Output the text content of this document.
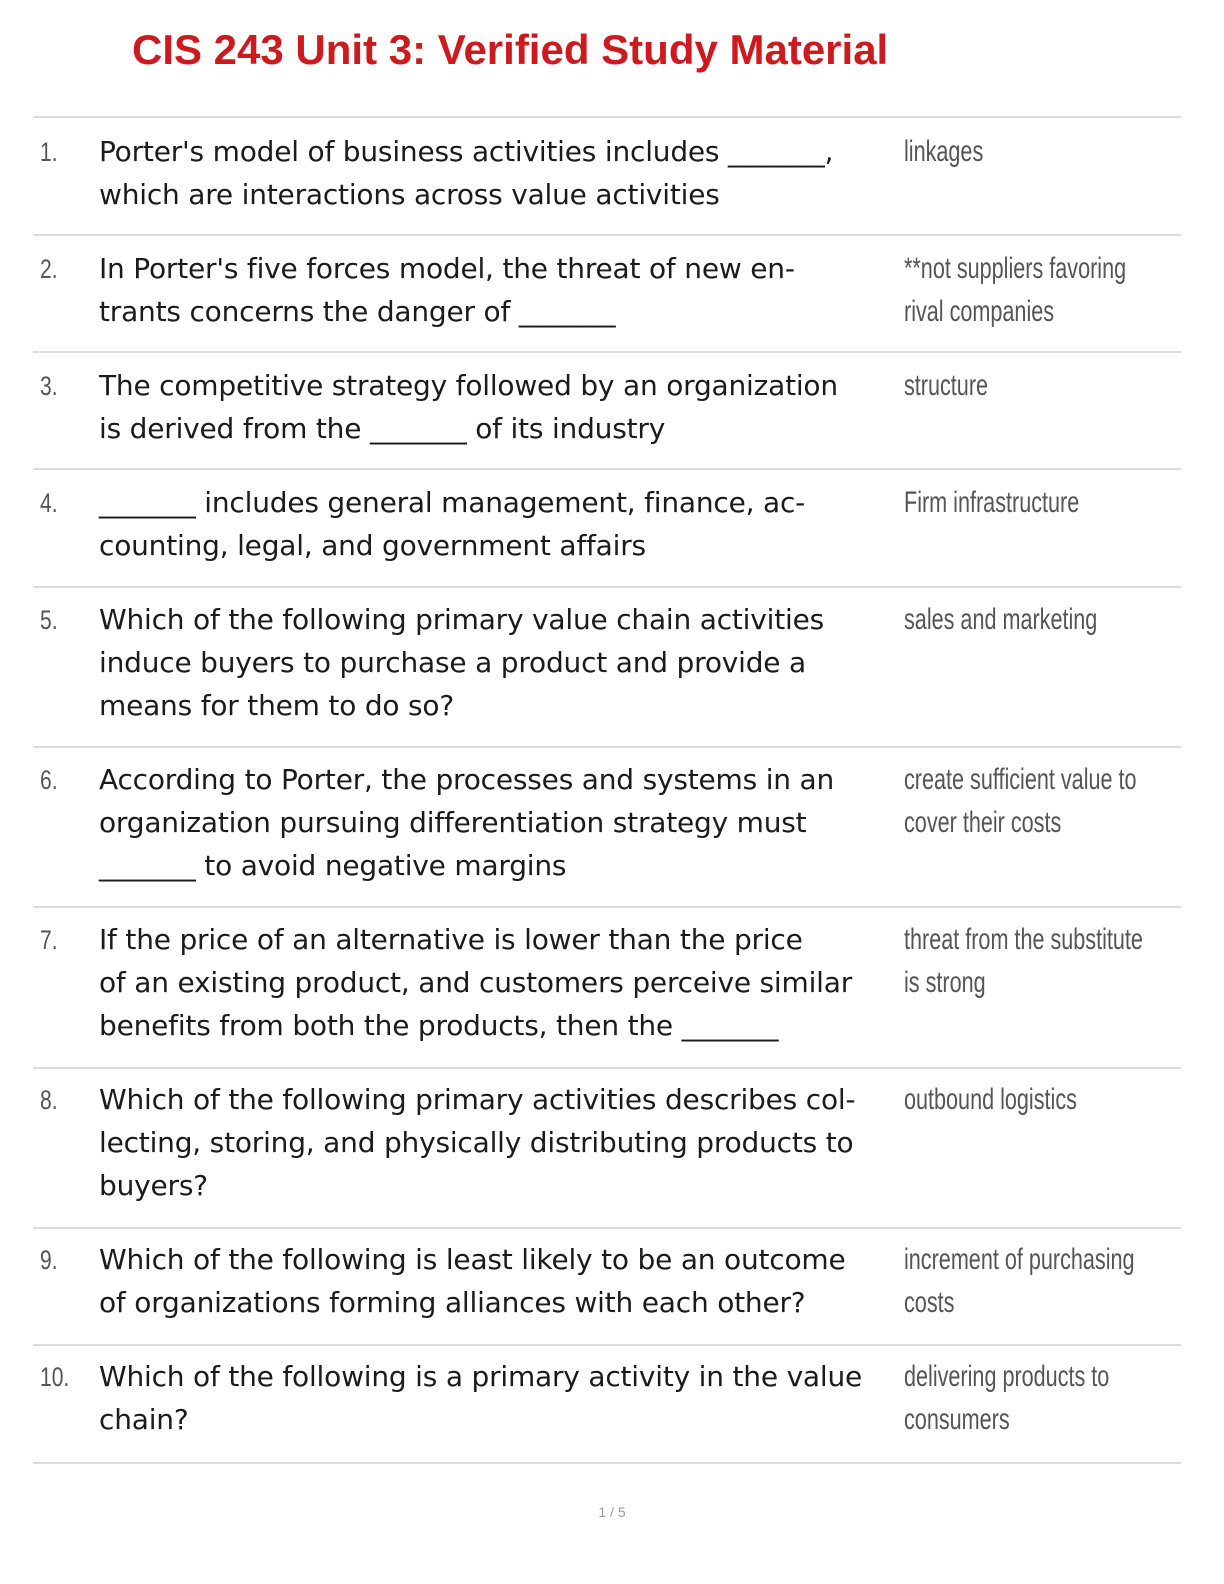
CIS 243 Unit 3: Verified Study Material
1. Porter's model of business activities includes _______,
which are interactions across value activities
linkages
2. In Porter's five forces model, the threat of new en-
trants concerns the danger of _______
**not suppliers favoring
rival companies
3. The competitive strategy followed by an organization
is derived from the _______ of its industry
structure
4. _______ includes general management, finance, ac-
counting, legal, and government affairs
Firm infrastructure
5. Which of the following primary value chain activities
induce buyers to purchase a product and provide a
means for them to do so?
sales and marketing
6. According to Porter, the processes and systems in an
organization pursuing differentiation strategy must
_______ to avoid negative margins
create sufficient value to
cover their costs
7. If the price of an alternative is lower than the price
of an existing product, and customers perceive similar
benefits from both the products, then the _______
threat from the substitute
is strong
8. Which of the following primary activities describes col-
lecting, storing, and physically distributing products to
buyers?
outbound logistics
9. Which of the following is least likely to be an outcome
of organizations forming alliances with each other?
increment of purchasing
costs
10. Which of the following is a primary activity in the value
chain?
delivering products to
consumers
1 / 5
